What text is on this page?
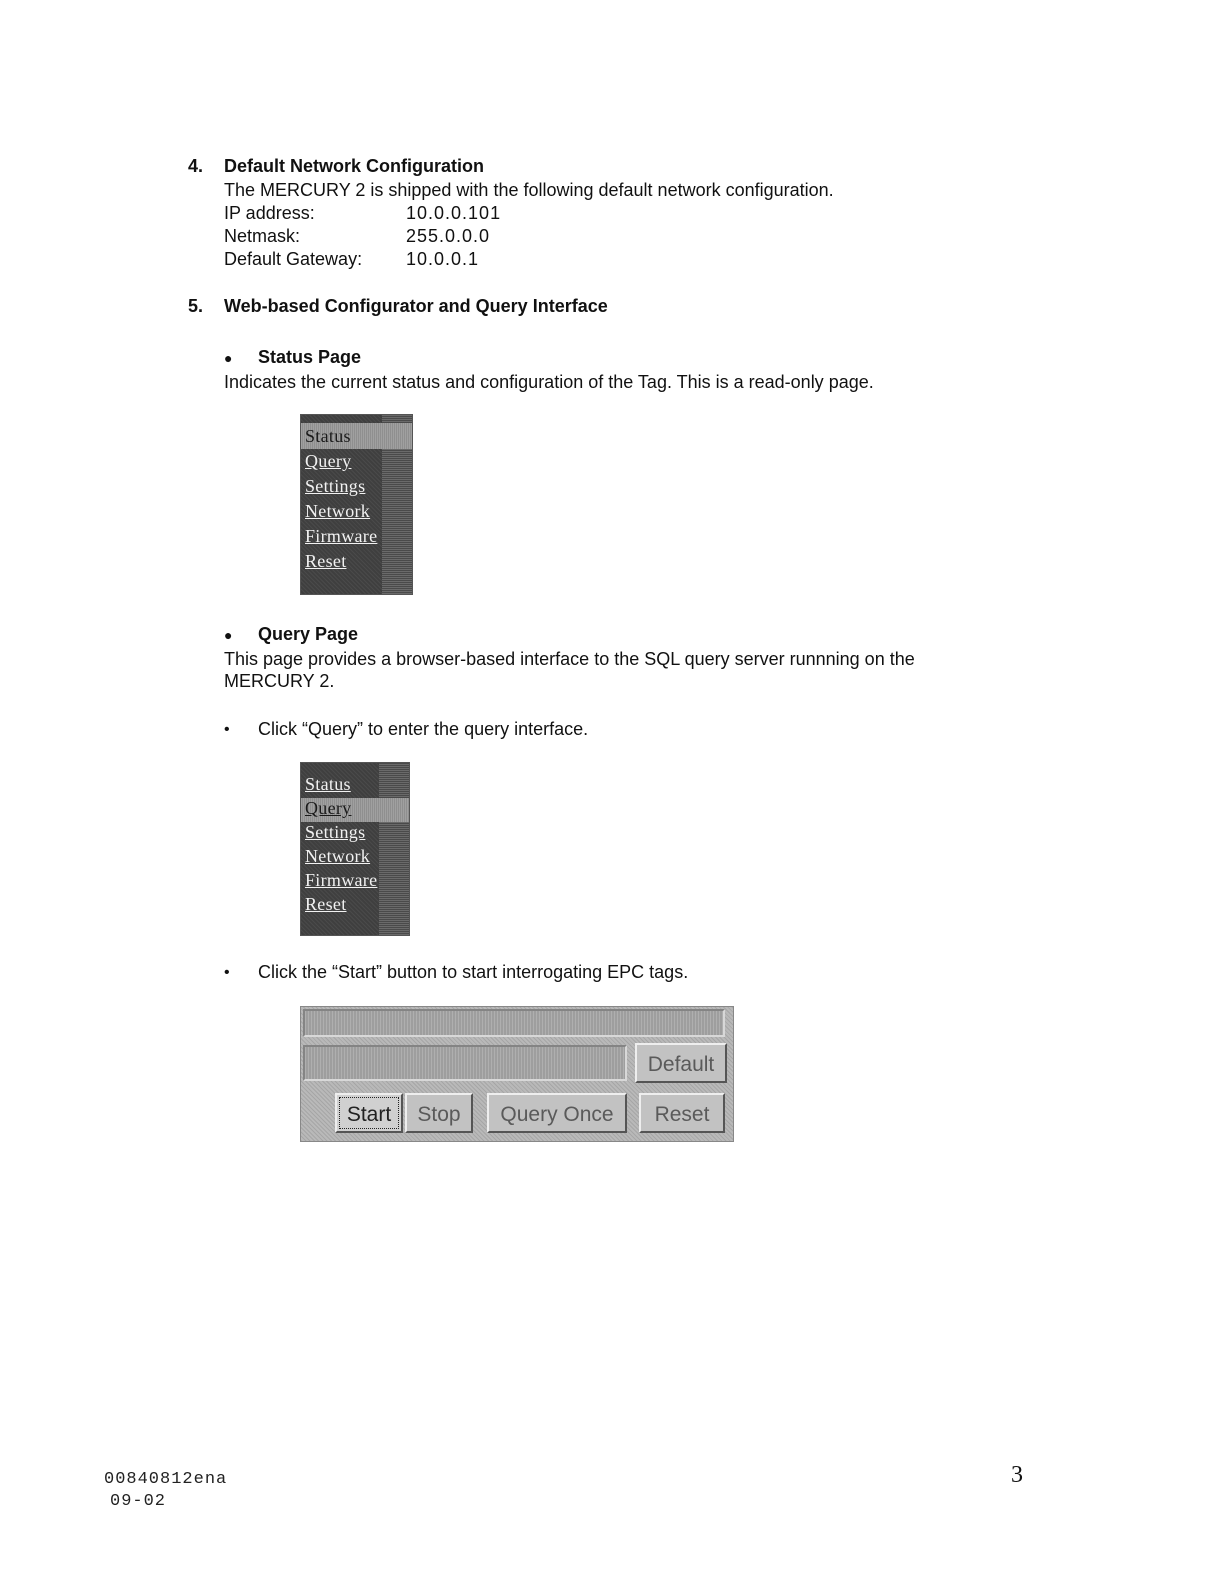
4. Default Network Configuration
The MERCURY 2 is shipped with the following default network configuration.
IP address:	10.0.0.101
Netmask:	255.0.0.0
Default Gateway: 10.0.0.1
5. Web-based Configurator and Query Interface
● Status Page
Indicates the current status and configuration of the Tag. This is a read-only page.
Status
Query
Settings
Network
Firmware
Reset
● Query Page
This page provides a browser-based interface to the SQL query server runnning on the
MERCURY 2.
• Click “Query” to enter the query interface.
Status
Query
Settings
Network
Firmware
Reset
• Click the “Start” button to start interrogating EPC tags.
Default
Start	Stop	Query Once	Reset
00840812ena
09-02
3
